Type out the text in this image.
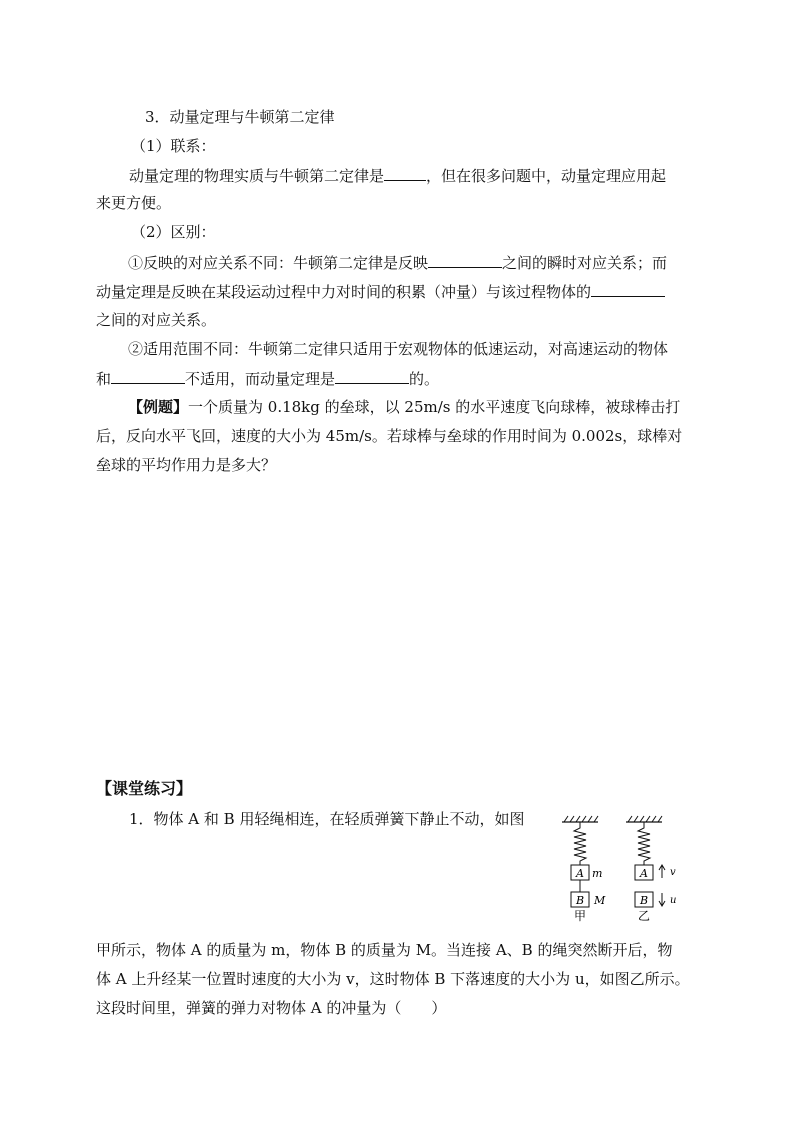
3．动量定理与牛顿第二定律
（1）联系：
动量定理的物理实质与牛顿第二定律是	，但在很多问题中，动量定理应用起
来更方便。
（2）区别：
①反映的对应关系不同：牛顿第二定律是反映	之间的瞬时对应关系；而
动量定理是反映在某段运动过程中力对时间的积累（冲量）与该过程物体的
之间的对应关系。
②适用范围不同：牛顿第二定律只适用于宏观物体的低速运动，对高速运动的物体
和	不适用，而动量定理是	的。
【例题】一个质量为 0.18kg 的垒球，以 25m/s 的水平速度飞向球棒，被球棒击打
后，反向水平飞回，速度的大小为 45m/s。若球棒与垒球的作用时间为 0.002s，球棒对
垒球的平均作用力是多大？
【课堂练习】
1．物体 A 和 B 用轻绳相连，在轻质弹簧下静止不动，如图
A m
B M
甲
A v
B u
乙
甲所示，物体 A 的质量为 m，物体 B 的质量为 M。当连接 A、B 的绳突然断开后，物
体 A 上升经某一位置时速度的大小为 v，这时物体 B 下落速度的大小为 u，如图乙所示。
这段时间里，弹簧的弹力对物体 A 的冲量为（　　）
